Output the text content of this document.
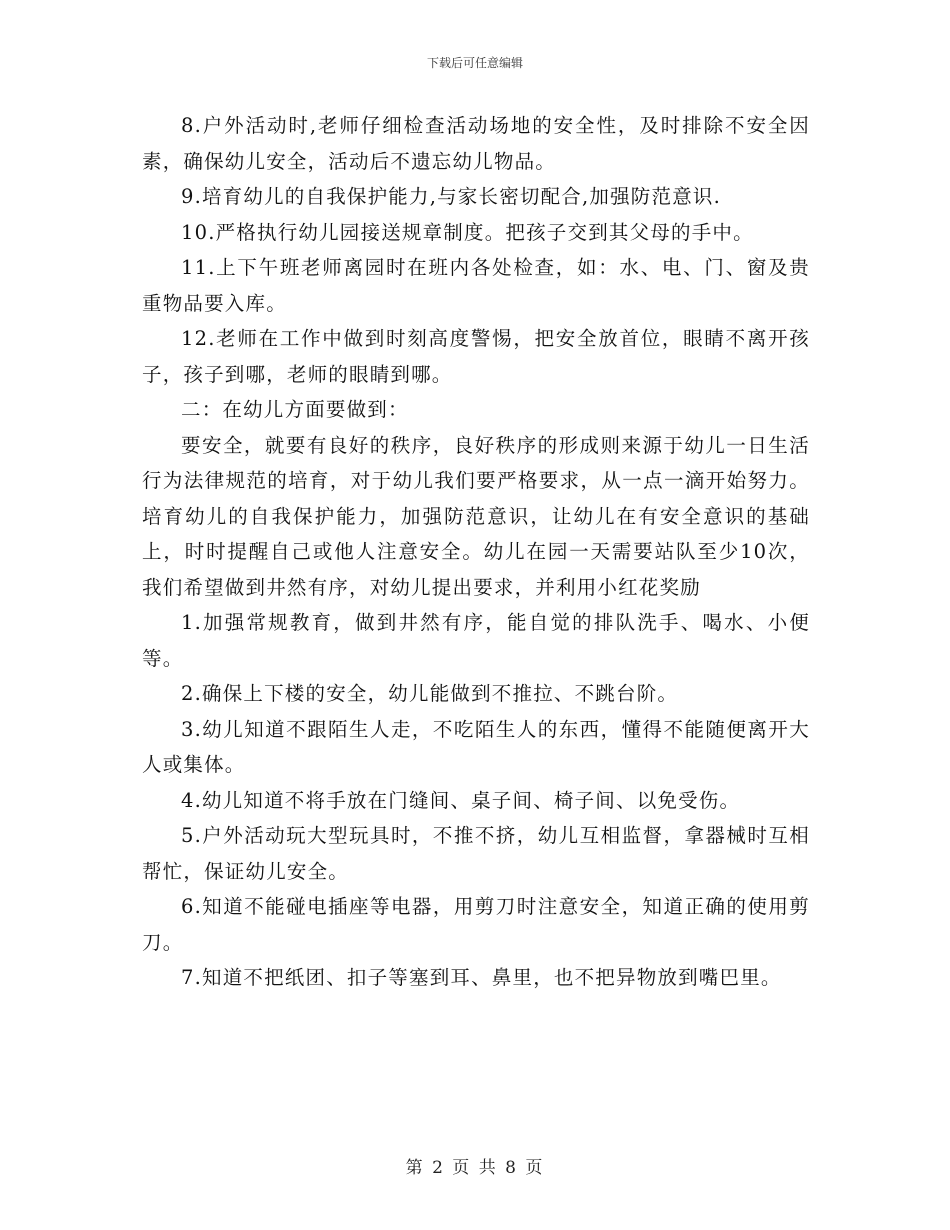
下载后可任意编辑

8.户外活动时,老师仔细检查活动场地的安全性，及时排除不安全因素，确保幼儿安全，活动后不遗忘幼儿物品。

9.培育幼儿的自我保护能力,与家长密切配合,加强防范意识.

10.严格执行幼儿园接送规章制度。把孩子交到其父母的手中。

11.上下午班老师离园时在班内各处检查，如：水、电、门、窗及贵重物品要入库。

12.老师在工作中做到时刻高度警惕，把安全放首位，眼睛不离开孩子，孩子到哪，老师的眼睛到哪。

二：在幼儿方面要做到：

要安全，就要有良好的秩序，良好秩序的形成则来源于幼儿一日生活行为法律规范的培育，对于幼儿我们要严格要求，从一点一滴开始努力。培育幼儿的自我保护能力，加强防范意识，让幼儿在有安全意识的基础上，时时提醒自己或他人注意安全。幼儿在园一天需要站队至少10次，我们希望做到井然有序，对幼儿提出要求，并利用小红花奖励

1.加强常规教育，做到井然有序，能自觉的排队洗手、喝水、小便等。

2.确保上下楼的安全，幼儿能做到不推拉、不跳台阶。

3.幼儿知道不跟陌生人走，不吃陌生人的东西，懂得不能随便离开大人或集体。

4.幼儿知道不将手放在门缝间、桌子间、椅子间、以免受伤。

5.户外活动玩大型玩具时，不推不挤，幼儿互相监督，拿器械时互相帮忙，保证幼儿安全。

6.知道不能碰电插座等电器，用剪刀时注意安全，知道正确的使用剪刀。

7.知道不把纸团、扣子等塞到耳、鼻里，也不把异物放到嘴巴里。

第 2 页 共 8 页
